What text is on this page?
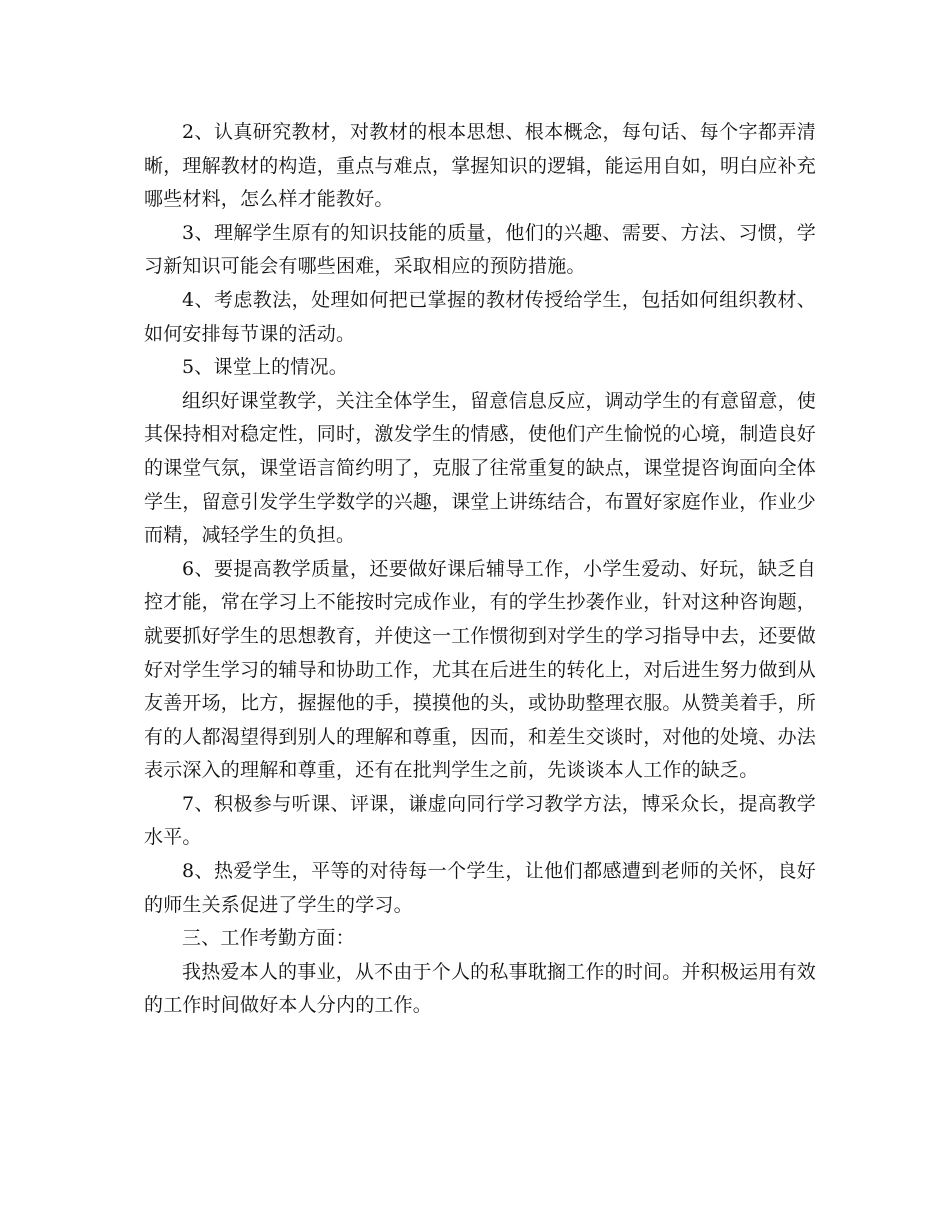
2、认真研究教材，对教材的根本思想、根本概念，每句话、每个字都弄清晰，理解教材的构造，重点与难点，掌握知识的逻辑，能运用自如，明白应补充哪些材料，怎么样才能教好。

3、理解学生原有的知识技能的质量，他们的兴趣、需要、方法、习惯，学习新知识可能会有哪些困难，采取相应的预防措施。

4、考虑教法，处理如何把已掌握的教材传授给学生，包括如何组织教材、如何安排每节课的活动。

5、课堂上的情况。

组织好课堂教学，关注全体学生，留意信息反应，调动学生的有意留意，使其保持相对稳定性，同时，激发学生的情感，使他们产生愉悦的心境，制造良好的课堂气氛，课堂语言简约明了，克服了往常重复的缺点，课堂提咨询面向全体学生，留意引发学生学数学的兴趣，课堂上讲练结合，布置好家庭作业，作业少而精，减轻学生的负担。

6、要提高教学质量，还要做好课后辅导工作，小学生爱动、好玩，缺乏自控才能，常在学习上不能按时完成作业，有的学生抄袭作业，针对这种咨询题，就要抓好学生的思想教育，并使这一工作惯彻到对学生的学习指导中去，还要做好对学生学习的辅导和协助工作，尤其在后进生的转化上，对后进生努力做到从友善开场，比方，握握他的手，摸摸他的头，或协助整理衣服。从赞美着手，所有的人都渴望得到别人的理解和尊重，因而，和差生交谈时，对他的处境、办法表示深入的理解和尊重，还有在批判学生之前，先谈谈本人工作的缺乏。

7、积极参与听课、评课，谦虚向同行学习教学方法，博采众长，提高教学水平。

8、热爱学生，平等的对待每一个学生，让他们都感遭到老师的关怀，良好的师生关系促进了学生的学习。

三、工作考勤方面：

我热爱本人的事业，从不由于个人的私事耽搁工作的时间。并积极运用有效的工作时间做好本人分内的工作。
